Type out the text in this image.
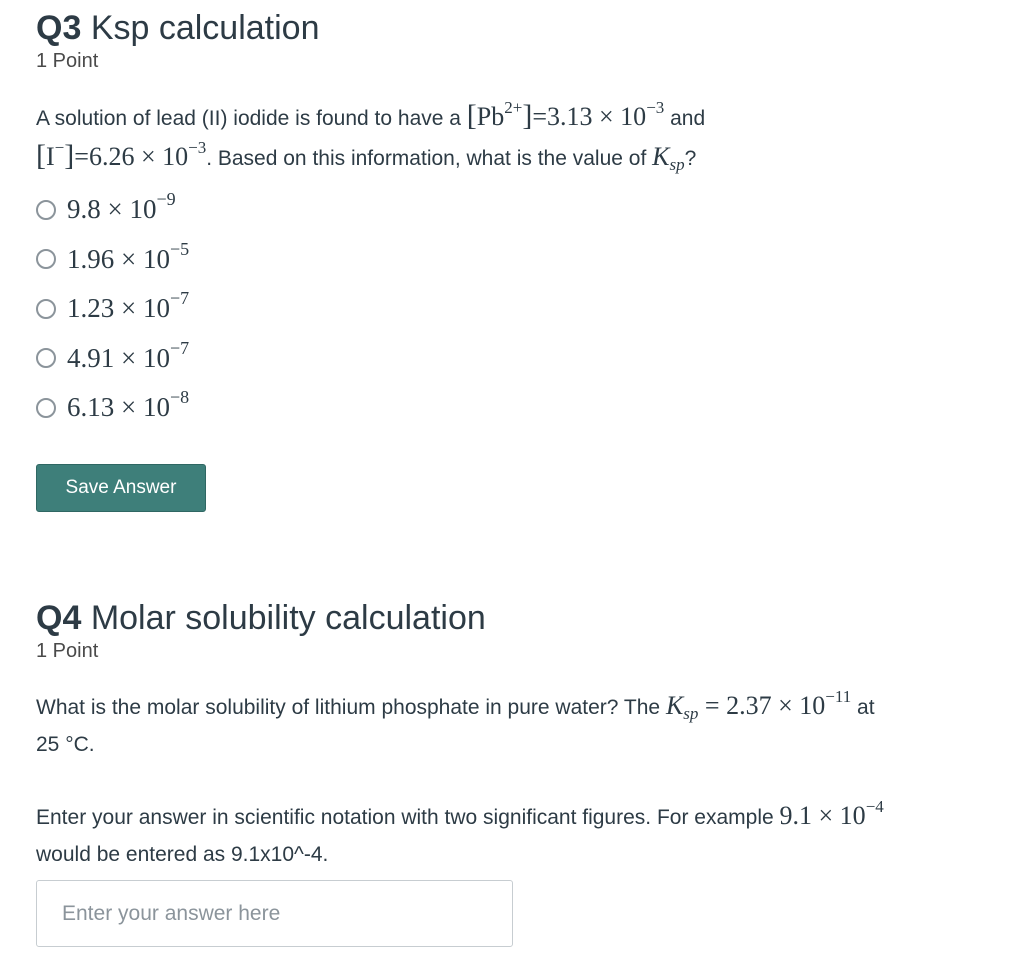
Q3 Ksp calculation
1 Point
A solution of lead (II) iodide is found to have a $[Pb^{2+}]=3.13 \times 10^{-3}$ and
$[I^-]=6.26 \times 10^{-3}$. Based on this information, what is the value of $K_{sp}$?
$9.8 \times 10^{-9}$
$1.96 \times 10^{-5}$
$1.23 \times 10^{-7}$
$4.91 \times 10^{-7}$
$6.13 \times 10^{-8}$
Save Answer
Q4 Molar solubility calculation
1 Point
What is the molar solubility of lithium phosphate in pure water? The $K_{sp} = 2.37 \times 10^{-11}$ at
25 °C.
Enter your answer in scientific notation with two significant figures. For example $9.1 \times 10^{-4}$
would be entered as 9.1x10^-4.
Enter your answer here
